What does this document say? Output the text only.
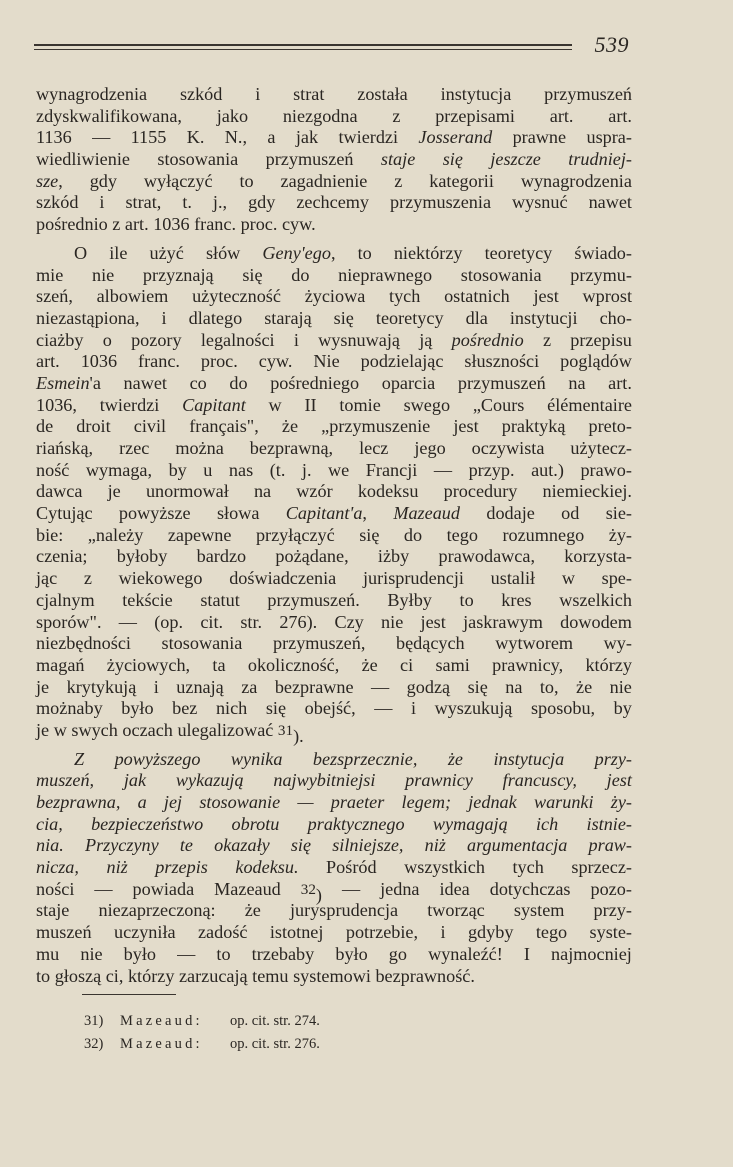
539
wynagrodzenia szkód i strat została instytucja przymuszeń
zdyskwalifikowana, jako niezgodna z przepisami art. art.
1136 — 1155 K. N., a jak twierdzi Josserand prawne uspra-
wiedliwienie stosowania przymuszeń staje się jeszcze trudniej-
sze, gdy wyłączyć to zagadnienie z kategorii wynagrodzenia
szkód i strat, t. j., gdy zechcemy przymuszenia wysnuć nawet
pośrednio
z
art.
1036
franc.
proc.
cyw.
O ile użyć słów Geny'ego, to niektórzy teoretycy świado-
mie nie przyznają się do nieprawnego stosowania przymu-
szeń, albowiem użyteczność życiowa tych ostatnich jest wprost
niezastąpiona, i dlatego starają się teoretycy dla instytucji cho-
ciażby o pozory legalności i wysnuwają ją pośrednio z przepisu
art. 1036 franc. proc. cyw. Nie podzielając słuszności poglądów
Esmein'a nawet co do pośredniego oparcia przymuszeń na art.
1036, twierdzi Capitant w II tomie swego „Cours élémentaire
de droit civil français", że „przymuszenie jest praktyką preto-
riańską, rzec można bezprawną, lecz jego oczywista użytecz-
ność wymaga, by u nas (t. j. we Francji — przyp. aut.) prawo-
dawca je unormował na wzór kodeksu procedury niemieckiej.
Cytując powyższe słowa Capitant'a, Mazeaud dodaje od sie-
bie: „należy zapewne przyłączyć się do tego rozumnego ży-
czenia; byłoby bardzo pożądane, iżby prawodawca, korzysta-
jąc z wiekowego doświadczenia jurisprudencji ustalił w spe-
cjalnym tekście statut przymuszeń. Byłby to kres wszelkich
sporów". — (op. cit. str. 276). Czy nie jest jaskrawym dowodem
niezbędności stosowania przymuszeń, będących wytworem wy-
magań życiowych, ta okoliczność, że ci sami prawnicy, którzy
je krytykują i uznają za bezprawne — godzą się na to, że nie
możnaby było bez nich się obejść, — i wyszukują sposobu, by
je
w
swych
oczach
ulegalizować
$^{31}$).
Z powyższego wynika bezsprzecznie, że instytucja przy-
muszeń, jak wykazują najwybitniejsi prawnicy francuscy, jest
bezprawna, a jej stosowanie — praeter legem; jednak warunki ży-
cia, bezpieczeństwo obrotu praktycznego wymagają ich istnie-
nia. Przyczyny te okazały się silniejsze, niż argumentacja praw-
nicza, niż przepis kodeksu. Pośród wszystkich tych sprzecz-
ności — powiada Mazeaud $^{32}$) — jedna idea dotychczas pozo-
staje niezaprzeczoną: że jurysprudencja tworząc system przy-
muszeń uczyniła zadość istotnej potrzebie, i gdyby tego syste-
mu nie było — to trzebaby było go wynaleźć! I najmocniej
to
głoszą
ci,
którzy
zarzucają
temu
systemowi
bezprawność.
31)	Mazeaud:	op. cit. str. 274.
32)	Mazeaud:	op. cit. str. 276.
